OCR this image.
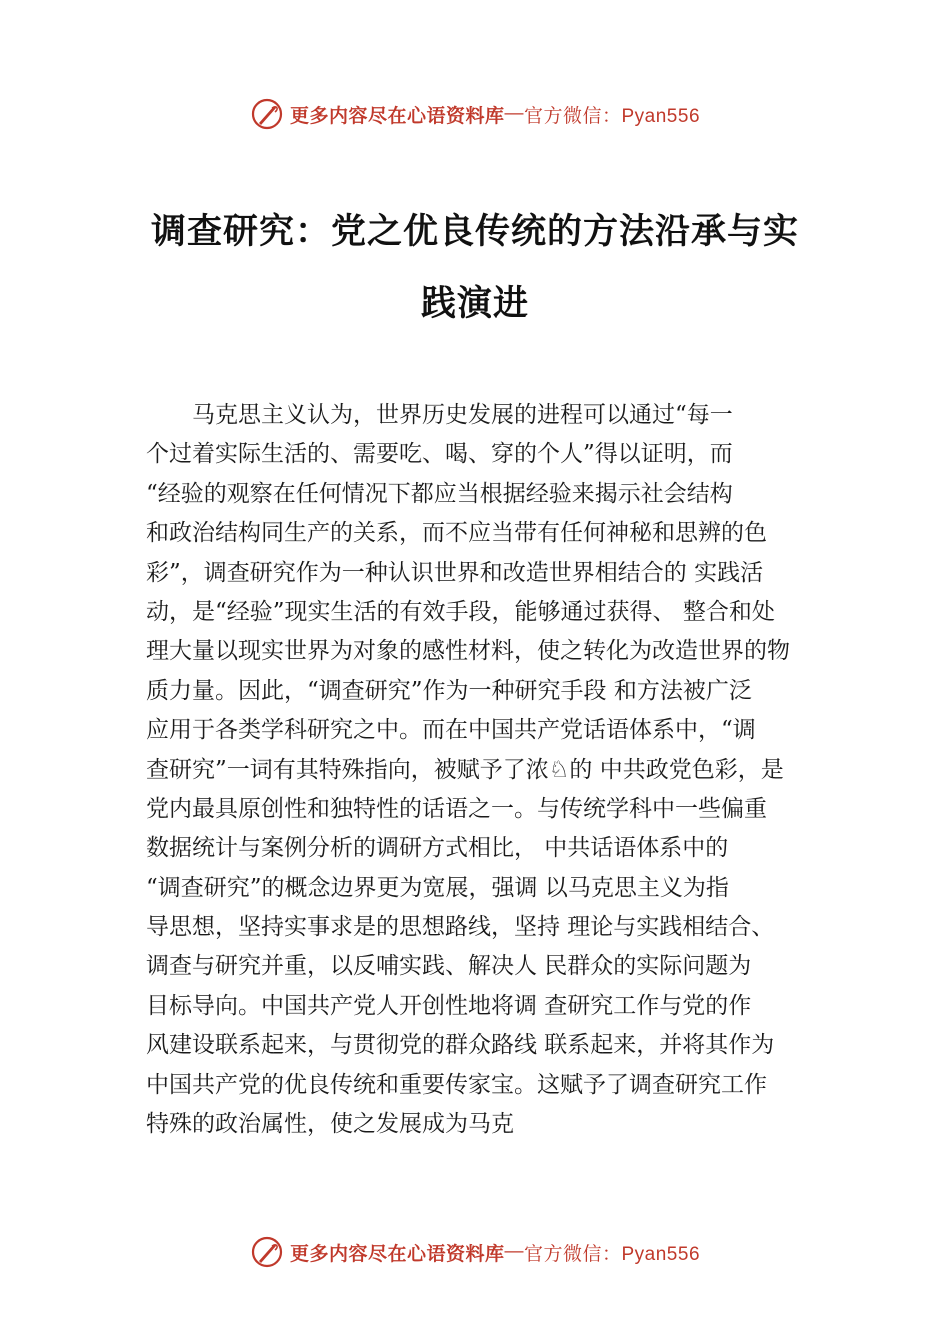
更多内容尽在心语资料库 — 官方微信：Pyan556
调查研究：党之优良传统的方法沿承与实
践演进
　　马克思主义认为，世界历史发展的进程可以通过“每一
个过着实际生活的、需要吃、喝、穿的个人”得以证明，而
“经验的观察在任何情况下都应当根据经验来揭示社会结构
和政治结构同生产的关系，而不应当带有任何神秘和思辨的色
彩”，调查研究作为一种认识世界和改造世界相结合的 实践活
动，是“经验”现实生活的有效手段，能够通过获得、 整合和处
理大量以现实世界为对象的感性材料，使之转化为改造世界的物
质力量。因此，“调查研究”作为一种研究手段 和方法被广泛
应用于各类学科研究之中。而在中国共产党话语体系中，“调
查研究”一词有其特殊指向，被赋予了浓♘的 中共政党色彩，是
党内最具原创性和独特性的话语之一。与传统学科中一些偏重
数据统计与案例分析的调研方式相比， 中共话语体系中的
“调查研究”的概念边界更为宽展，强调 以马克思主义为指
导思想，坚持实事求是的思想路线，坚持 理论与实践相结合、
调查与研究并重，以反哺实践、解决人 民群众的实际问题为
目标导向。中国共产党人开创性地将调 查研究工作与党的作
风建设联系起来，与贯彻党的群众路线 联系起来，并将其作为
中国共产党的优良传统和重要传家宝。这赋予了调查研究工作
特殊的政治属性，使之发展成为马克
更多内容尽在心语资料库 — 官方微信：Pyan556
